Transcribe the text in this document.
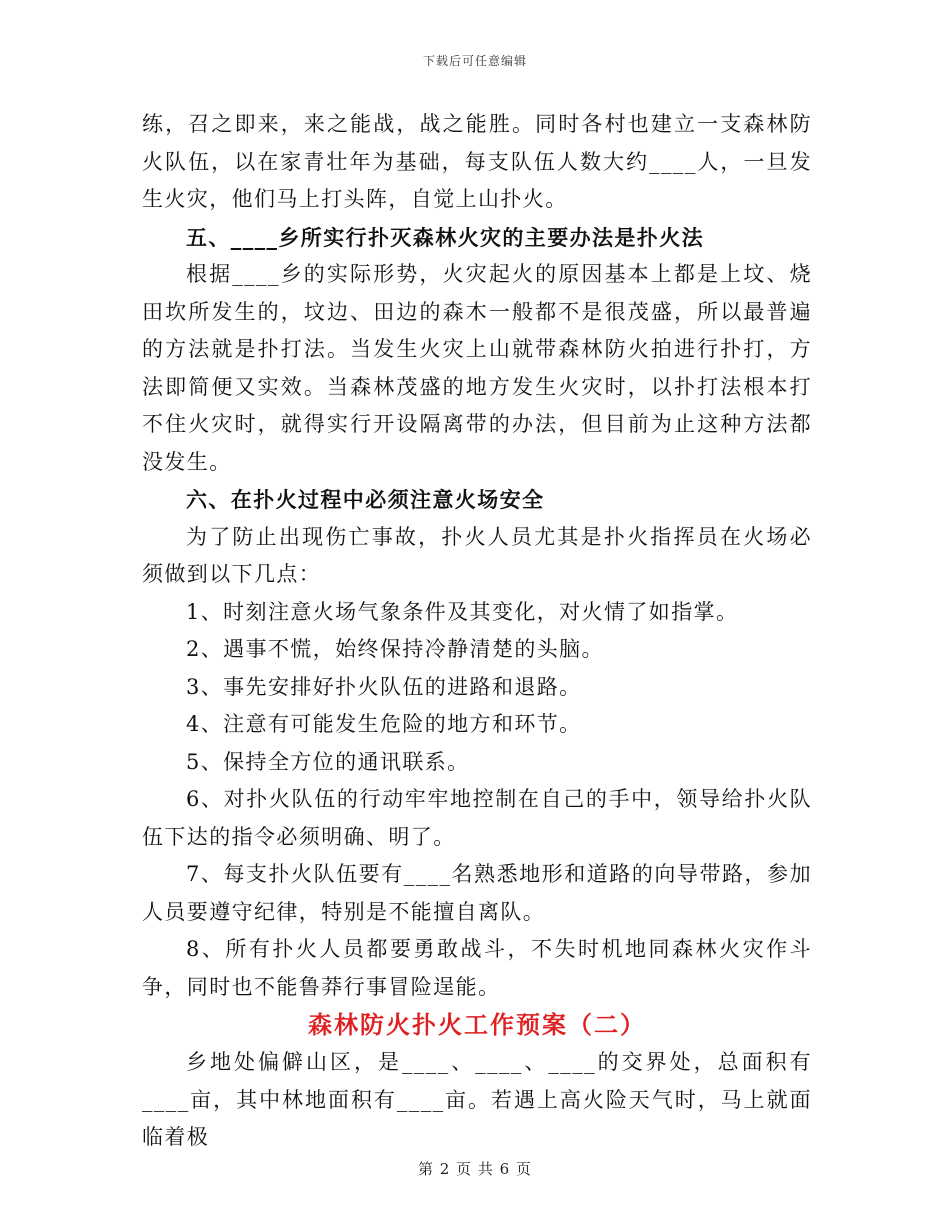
下载后可任意编辑

练，召之即来，来之能战，战之能胜。同时各村也建立一支森林防火队伍，以在家青壮年为基础，每支队伍人数大约____人，一旦发生火灾，他们马上打头阵，自觉上山扑火。

五、____乡所实行扑灭森林火灾的主要办法是扑火法

根据____乡的实际形势，火灾起火的原因基本上都是上坟、烧田坎所发生的，坟边、田边的森木一般都不是很茂盛，所以最普遍的方法就是扑打法。当发生火灾上山就带森林防火拍进行扑打，方法即简便又实效。当森林茂盛的地方发生火灾时，以扑打法根本打不住火灾时，就得实行开设隔离带的办法，但目前为止这种方法都没发生。

六、在扑火过程中必须注意火场安全

为了防止出现伤亡事故，扑火人员尤其是扑火指挥员在火场必须做到以下几点：

1、时刻注意火场气象条件及其变化，对火情了如指掌。

2、遇事不慌，始终保持冷静清楚的头脑。

3、事先安排好扑火队伍的进路和退路。

4、注意有可能发生危险的地方和环节。

5、保持全方位的通讯联系。

6、对扑火队伍的行动牢牢地控制在自己的手中，领导给扑火队伍下达的指令必须明确、明了。

7、每支扑火队伍要有____名熟悉地形和道路的向导带路，参加人员要遵守纪律，特别是不能擅自离队。

8、所有扑火人员都要勇敢战斗，不失时机地同森林火灾作斗争，同时也不能鲁莽行事冒险逞能。

森林防火扑火工作预案（二）

乡地处偏僻山区，是____、____、____的交界处，总面积有____亩，其中林地面积有____亩。若遇上高火险天气时，马上就面临着极

第 2 页 共 6 页
